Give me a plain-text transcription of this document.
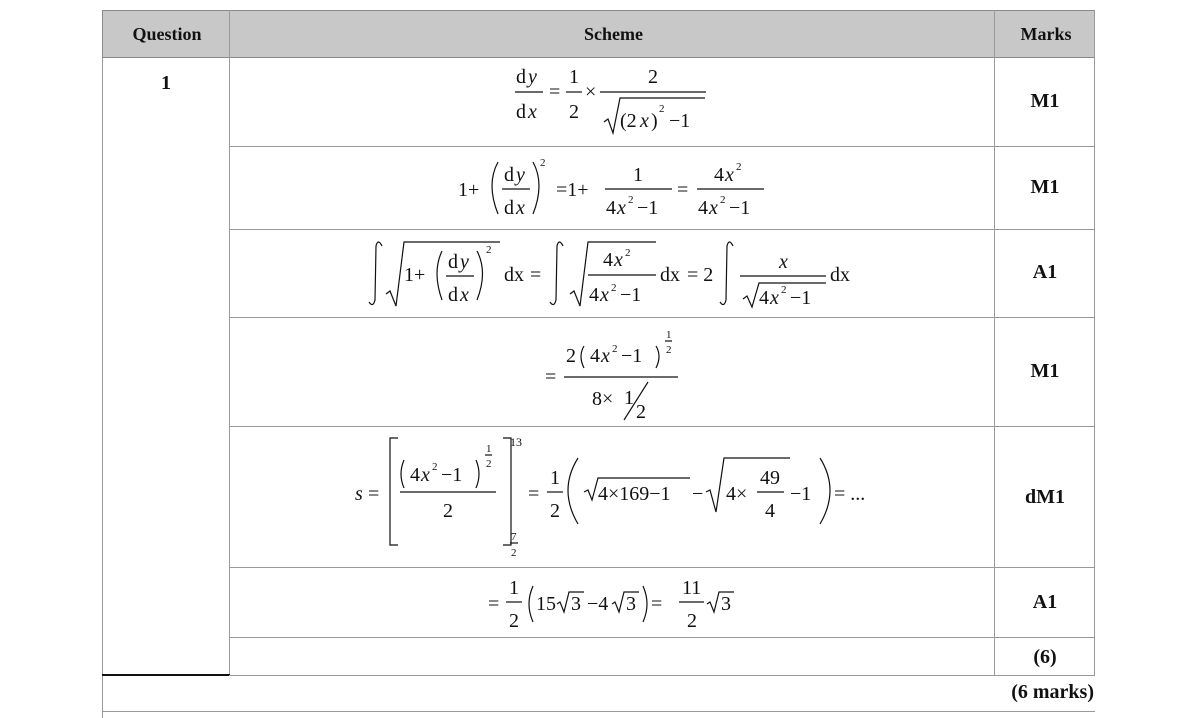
Question	Scheme	Marks
1
M1
M1
A1
M1
dM1
A1
(6)
(6 marks)
d y
d x
=
1
2
×
2
(2 x )
2
−1
1+
d y
d x
2
=1+
1
4 x 2 −1
=
4 x 2
4 x 2 −1
1+
d y
d x
2
dx =
4 x 2
4 x 2 −1
dx = 2
x
4 x 2 −1
dx
=
2 4 x 2 −1
1
2
8× 1
2
s =
4 x 2 −1
1
2
2
13
7
2
=
1
2
4×169−1 − 4×
49
4
−1 = ...
=
1
2
15 3 −4 3 =
11
2
3
